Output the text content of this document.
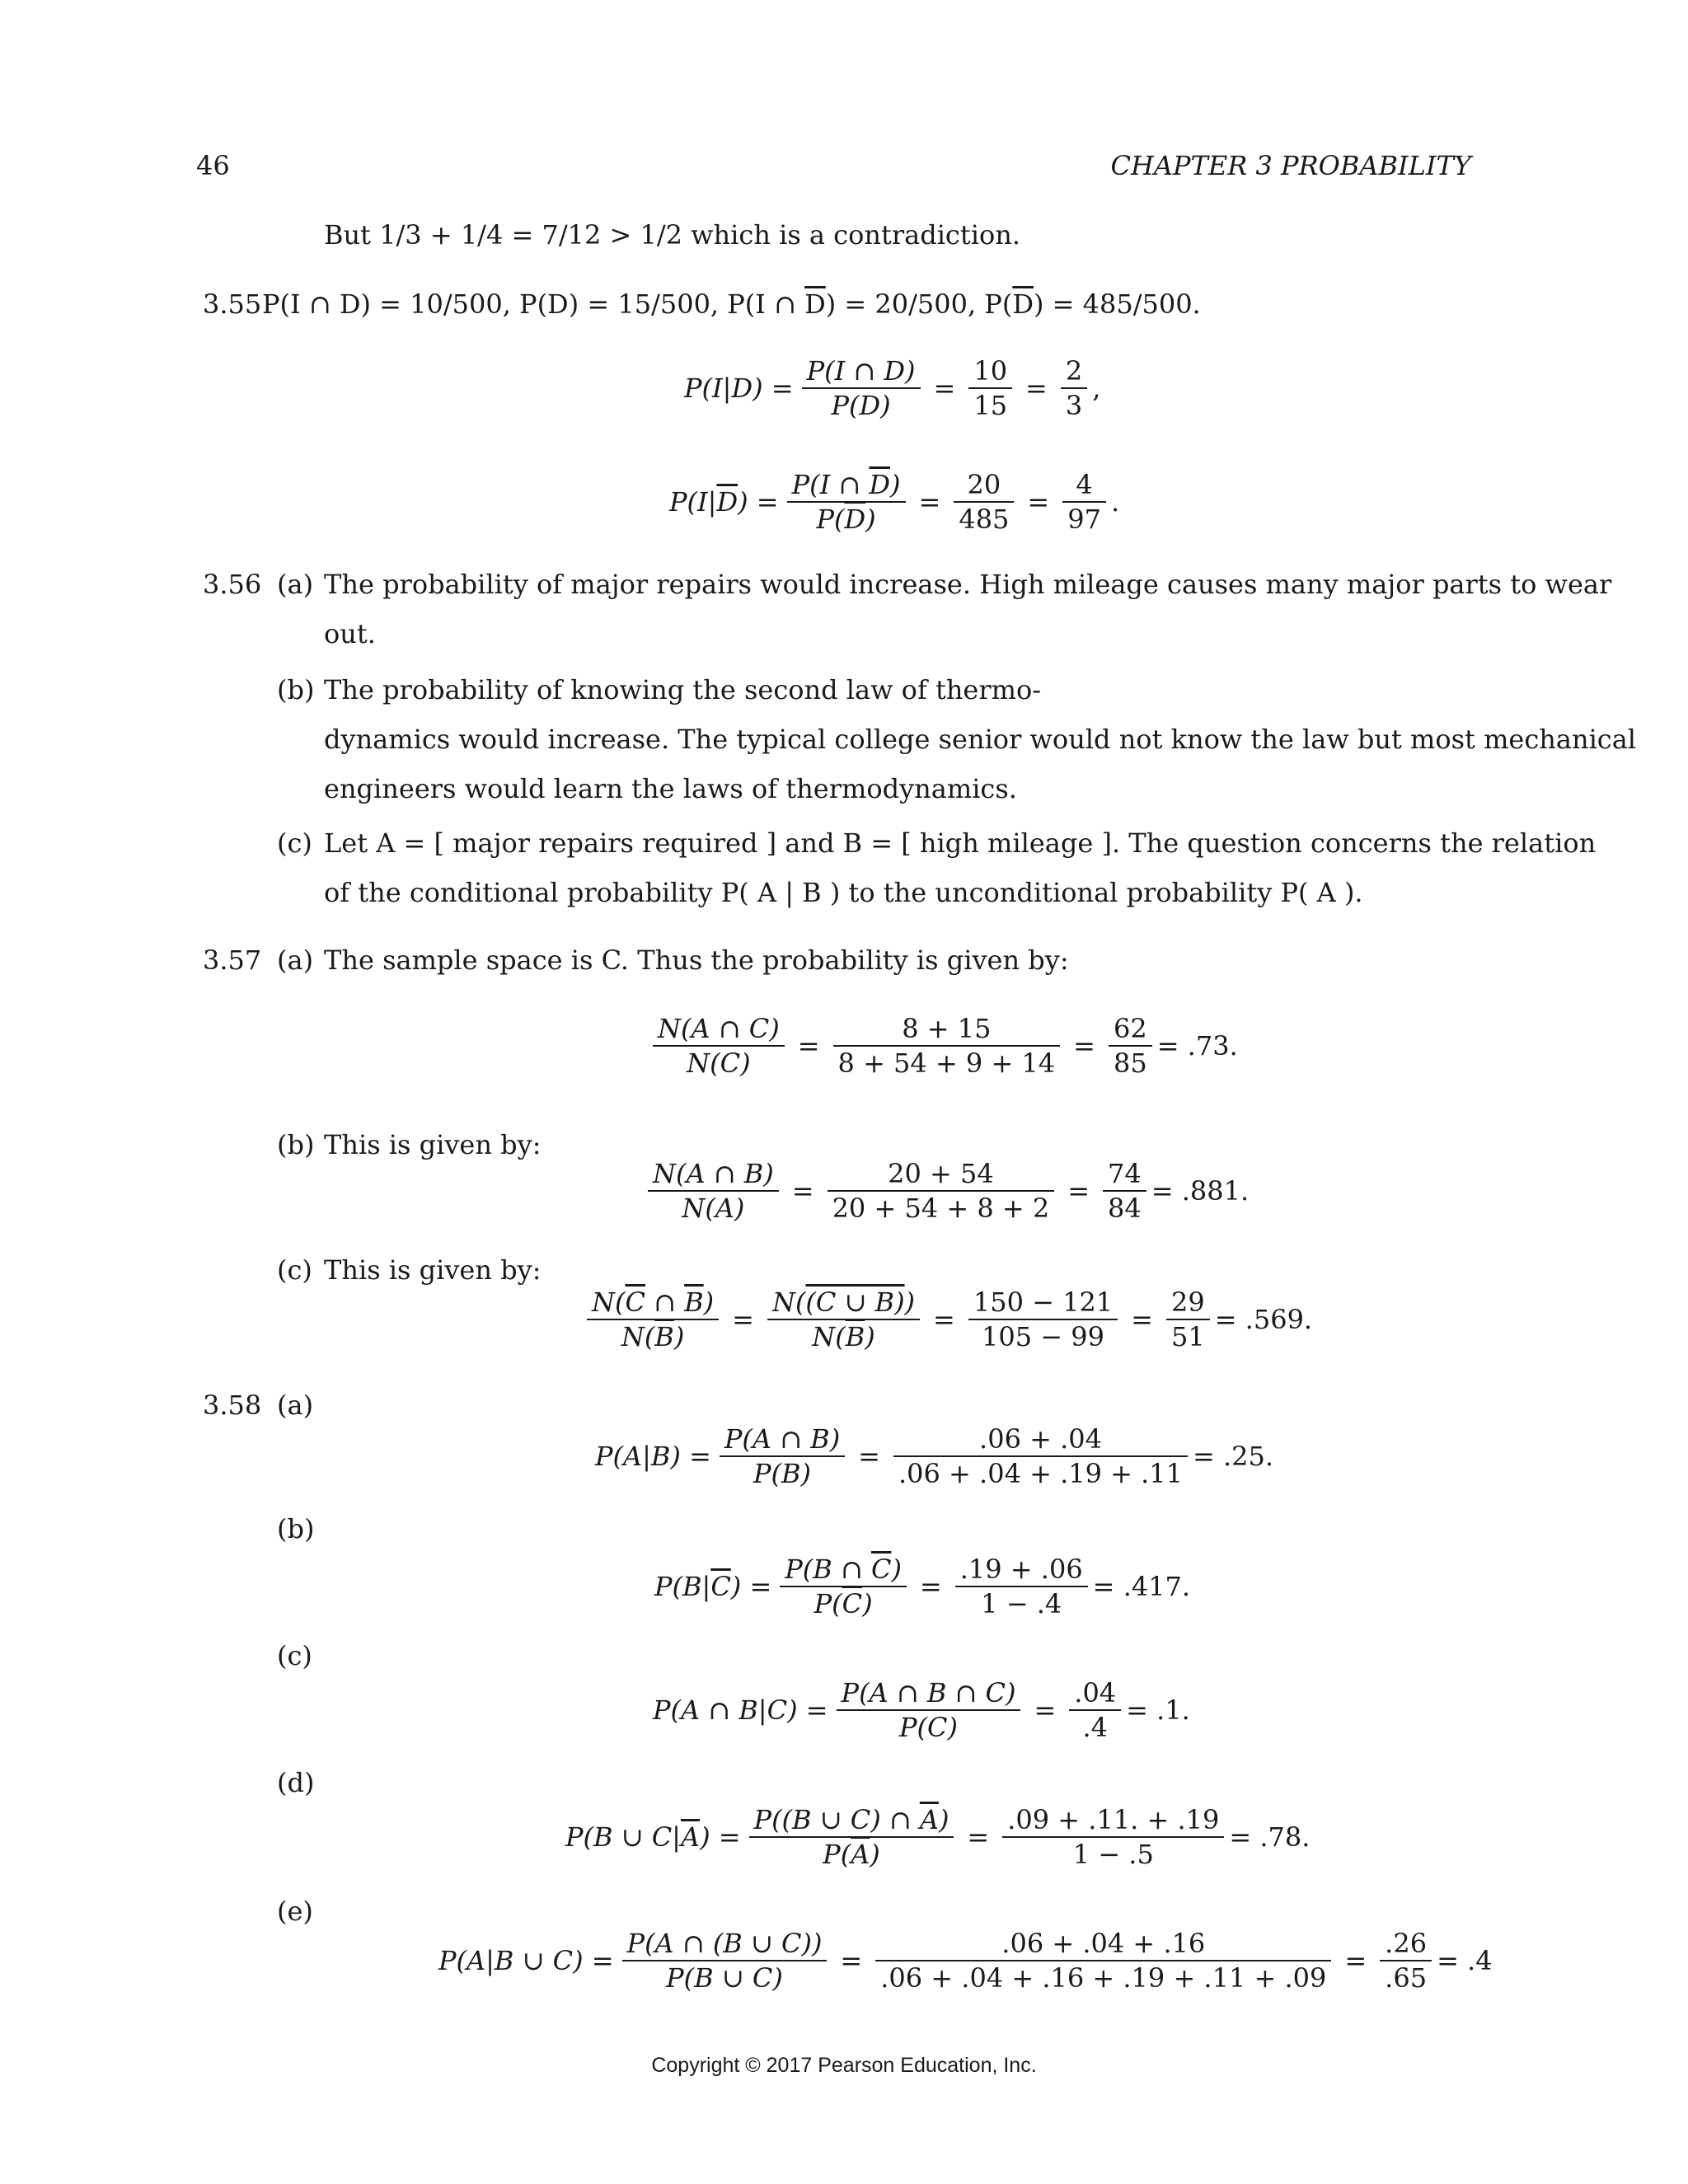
46	CHAPTER 3 PROBABILITY
But 1/3 + 1/4 = 7/12 > 1/2 which is a contradiction.
3.55 P(I ∩ D) = 10/500, P(D) = 15/500, P(I ∩ $\overline{D}) = 20/500$, $P(\overline{D}) = 485/500$.
$P(I|D) = \frac{P(I \cap D)}{P(D)} = \frac{10}{15} = \frac{2}{3}$ ,
$P(I|\overline{D}) = \frac{P(I \cap \overline{D})}{P(\overline{D})} = \frac{20}{485} = \frac{4}{97}$ .
3.56 (a) The probability of major repairs would increase. High mileage causes many major parts to wear
out.
(b) The probability of knowing the second law of thermo-
dynamics would increase. The typical college senior would not know the law but most mechanical
engineers would learn the laws of thermodynamics.
(c) Let A = [ major repairs required ] and B = [ high mileage ]. The question concerns the relation
of the conditional probability P( A | B ) to the unconditional probability P( A ).
3.57 (a) The sample space is C. Thus the probability is given by:
$\frac{N(A \cap C)}{N(C)} = \frac{8 + 15}{8 + 54 + 9 + 14} = \frac{62}{85} = .73$.
(b) This is given by:
$\frac{N(A \cap B)}{N(A)} = \frac{20 + 54}{20 + 54 + 8 + 2} = \frac{74}{84} = .881$.
(c) This is given by:
$\frac{N(\overline{C} \cap \overline{B})}{N(\overline{B})} = \frac{N((C \cup B))}{N(\overline{B})} = \frac{150 - 121}{105 - 99} = \frac{29}{51} = .569$.
3.58 (a)
$P(A|B) = \frac{P(A \cap B)}{P(B)} = \frac{.06 + .04}{.06 + .04 + .19 + .11} = .25$.
(b)
$P(B|\overline{C}) = \frac{P(B \cap \overline{C})}{P(\overline{C})} = \frac{.19 + .06}{1 - .4} = .417$.
(c)
P(A ∩ $B|C) = \frac{P(A \cap B \cap C)}{P(C)} = \frac{.04}{.4} = .1$.
(d)
P(B ∪ $C|\overline{A}) = \frac{P((B \cup C) \cap \overline{A})}{P(\overline{A})} = \frac{.09 + .11. + .19}{1 - .5} = .78$.
(e)
P(A|B ∪ $C) = \frac{P(A \cap (B \cup C))}{P(B \cup C)} = \frac{.06 + .04 + .16}{.06 + .04 + .16 + .19 + .11 + .09} = \frac{.26}{.65} = .4$
Copyright © 2017 Pearson Education, Inc.
